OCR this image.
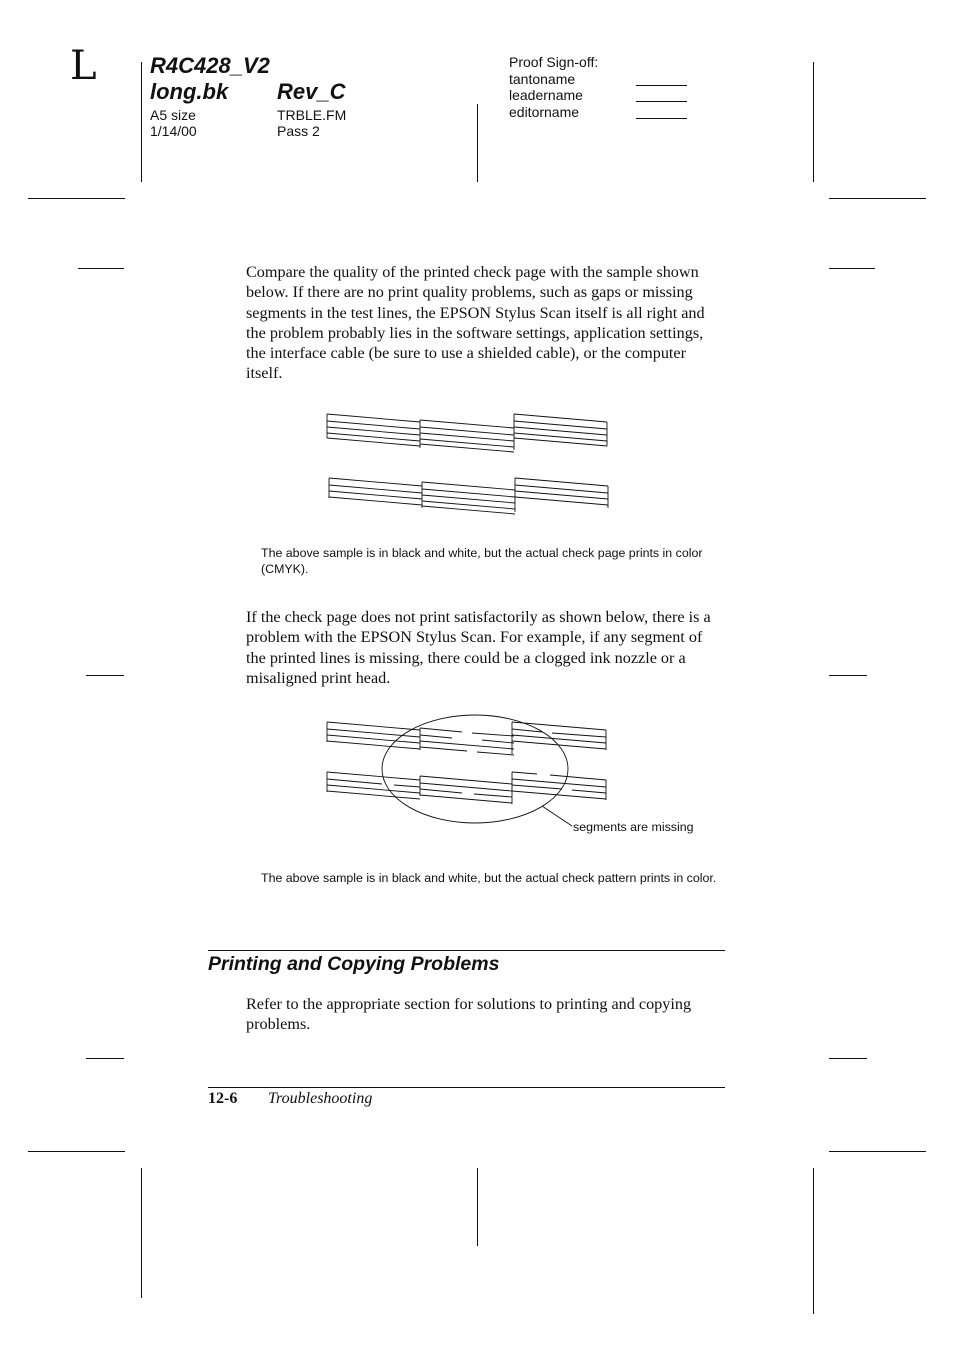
L R4C428_V2
long.bk Rev_C
A5 size
1/14/00
TRBLE.FM
Pass 2
Proof Sign-off:
tantoname
leadername
editorname
Compare the quality of the printed check page with the sample shown below. If there are no print quality problems, such as gaps or missing segments in the test lines, the EPSON Stylus Scan itself is all right and the problem probably lies in the software settings, application settings, the interface cable (be sure to use a shielded cable), or the computer itself.
The above sample is in black and white, but the actual check page prints in color (CMYK).
If the check page does not print satisfactorily as shown below, there is a problem with the EPSON Stylus Scan. For example, if any segment of the printed lines is missing, there could be a clogged ink nozzle or a misaligned print head.
segments are missing
The above sample is in black and white, but the actual check pattern prints in color.
Printing and Copying Problems
Refer to the appropriate section for solutions to printing and copying problems.
12-6 Troubleshooting
